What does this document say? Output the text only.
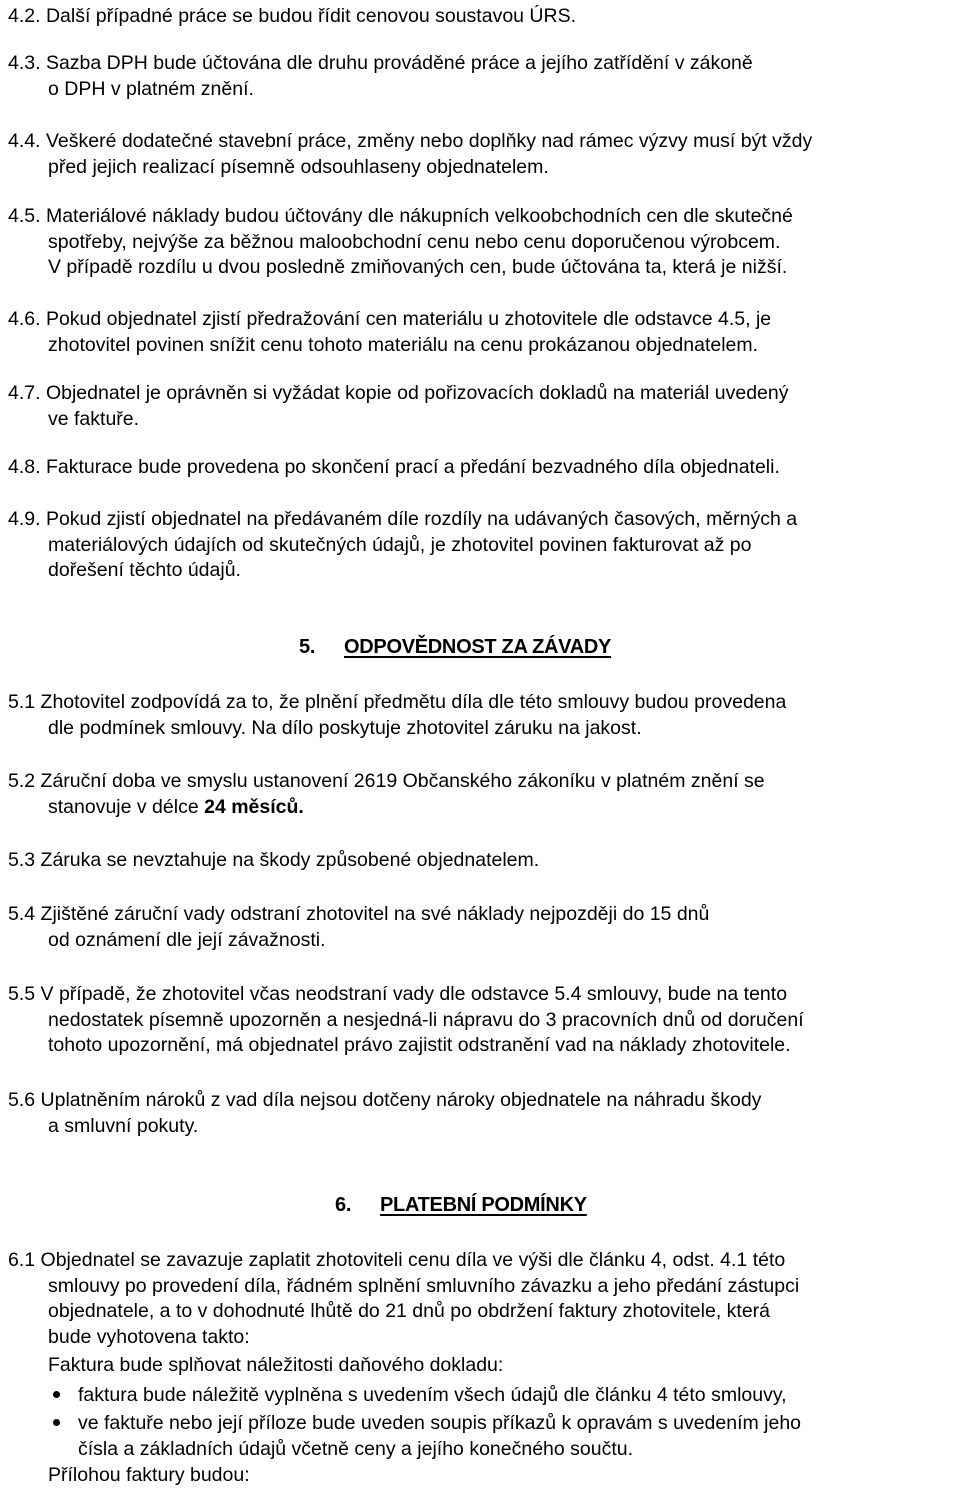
4.2. Další případné práce se budou řídit cenovou soustavou ÚRS.
4.3. Sazba DPH bude účtována dle druhu prováděné práce a jejího zatřídění v zákoně
o DPH v platném znění.
4.4. Veškeré dodatečné stavební práce, změny nebo doplňky nad rámec výzvy musí být vždy
před jejich realizací písemně odsouhlaseny objednatelem.
4.5. Materiálové náklady budou účtovány dle nákupních velkoobchodních cen dle skutečné
spotřeby, nejvýše za běžnou maloobchodní cenu nebo cenu doporučenou výrobcem.
V případě rozdílu u dvou posledně zmiňovaných cen, bude účtována ta, která je nižší.
4.6. Pokud objednatel zjistí předražování cen materiálu u zhotovitele dle odstavce 4.5, je
zhotovitel povinen snížit cenu tohoto materiálu na cenu prokázanou objednatelem.
4.7. Objednatel je oprávněn si vyžádat kopie od pořizovacích dokladů na materiál uvedený
ve faktuře.
4.8. Fakturace bude provedena po skončení prací a předání bezvadného díla objednateli.
4.9. Pokud zjistí objednatel na předávaném díle rozdíly na udávaných časových, měrných a
materiálových údajích od skutečných údajů, je zhotovitel povinen fakturovat až po
dořešení těchto údajů.
5. ODPOVĚDNOST ZA ZÁVADY
5.1 Zhotovitel zodpovídá za to, že plnění předmětu díla dle této smlouvy budou provedena
dle podmínek smlouvy. Na dílo poskytuje zhotovitel záruku na jakost.
5.2 Záruční doba ve smyslu ustanovení 2619 Občanského zákoníku v platném znění se
stanovuje v délce 24 měsíců.
5.3 Záruka se nevztahuje na škody způsobené objednatelem.
5.4 Zjištěné záruční vady odstraní zhotovitel na své náklady nejpozději do 15 dnů
od oznámení dle její závažnosti.
5.5 V případě, že zhotovitel včas neodstraní vady dle odstavce 5.4 smlouvy, bude na tento
nedostatek písemně upozorněn a nesjedná-li nápravu do 3 pracovních dnů od doručení
tohoto upozornění, má objednatel právo zajistit odstranění vad na náklady zhotovitele.
5.6 Uplatněním nároků z vad díla nejsou dotčeny nároky objednatele na náhradu škody
a smluvní pokuty.
6. PLATEBNÍ PODMÍNKY
6.1 Objednatel se zavazuje zaplatit zhotoviteli cenu díla ve výši dle článku 4, odst. 4.1 této
smlouvy po provedení díla, řádném splnění smluvního závazku a jeho předání zástupci
objednatele, a to v dohodnuté lhůtě do 21 dnů po obdržení faktury zhotovitele, která
bude vyhotovena takto:
Faktura bude splňovat náležitosti daňového dokladu:
faktura bude náležitě vyplněna s uvedením všech údajů dle článku 4 této smlouvy,
ve faktuře nebo její příloze bude uveden soupis příkazů k opravám s uvedením jeho
čísla a základních údajů včetně ceny a jejího konečného součtu.
Přílohou faktury budou:
